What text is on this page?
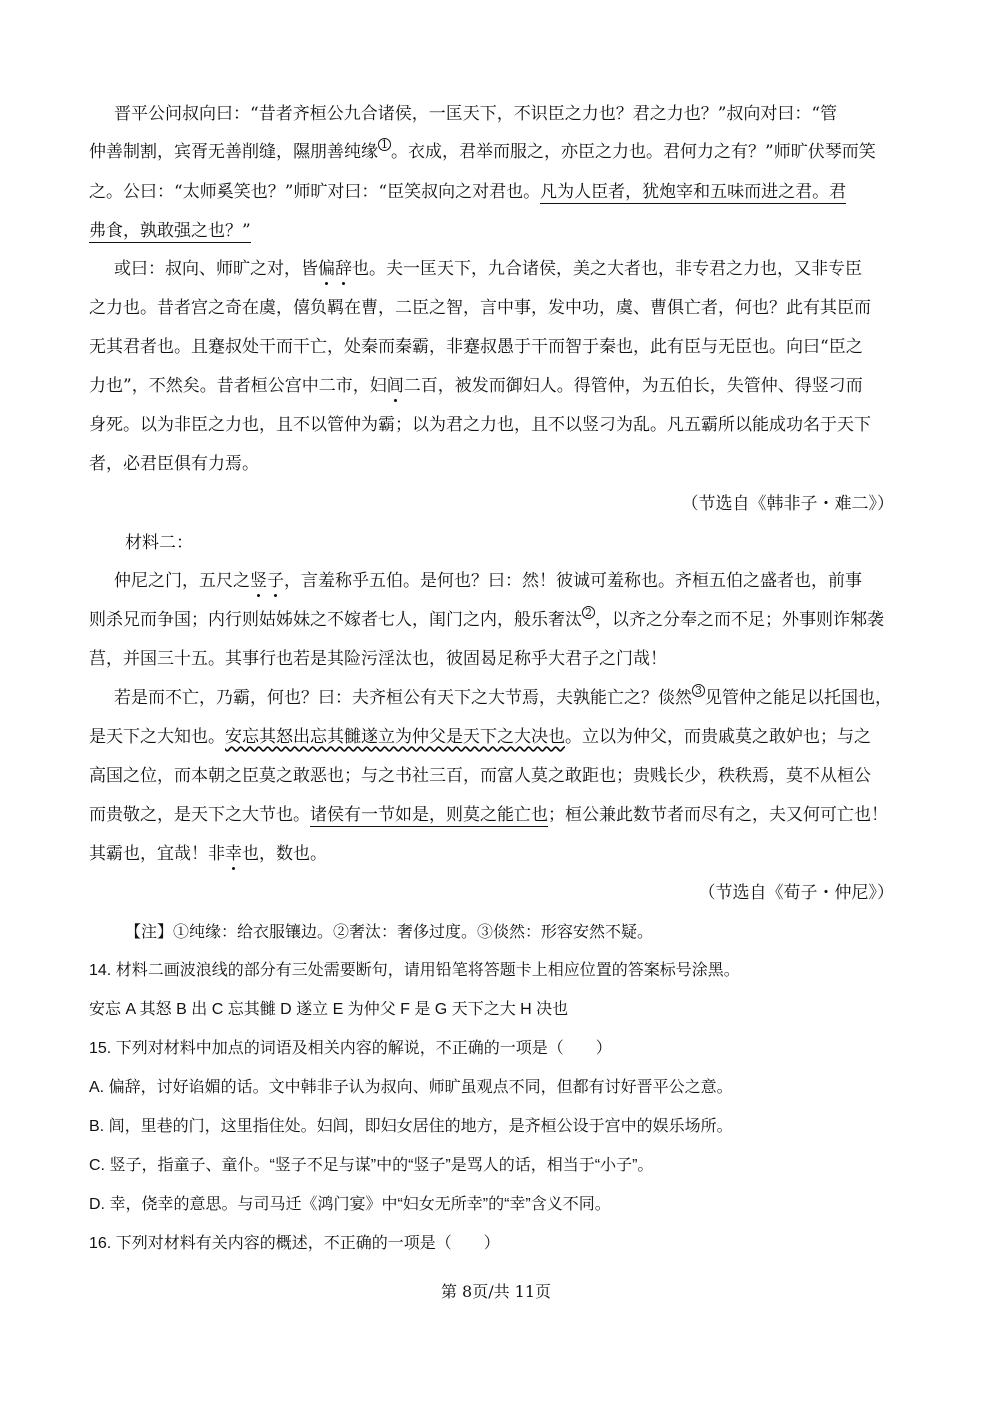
晋平公问叔向曰：“昔者齐桓公九合诸侯，一匡天下，不识臣之力也？君之力也？”叔向对曰：“管
仲善制割，宾胥无善削缝，隰朋善纯缘 1 。衣成，君举而服之，亦臣之力也。君何力之有？”师旷伏琴而笑
之。公曰：“太师奚笑也？”师旷对曰：“臣笑叔向之对君也。凡为人臣者，犹炮宰和五味而进之君。君
弗食，孰敢强之也？”
或曰：叔向、师旷之对，皆偏辞也。夫一匡天下，九合诸侯，美之大者也，非专君之力也，又非专臣
之力也。昔者宫之奇在虞，僖负羁在曹，二臣之智，言中事，发中功，虞、曹俱亡者，何也？此有其臣而
无其君者也。且蹇叔处干而干亡，处秦而秦霸，非蹇叔愚于干而智于秦也，此有臣与无臣也。向曰“臣之
力也”，不然矣。昔者桓公宫中二市，妇闾二百，被发而御妇人。得管仲，为五伯长，失管仲、得竖刁而
身死。以为非臣之力也，且不以管仲为霸；以为君之力也，且不以竖刁为乱。凡五霸所以能成功名于天下
者，必君臣俱有力焉。
（节选自《韩非子・难二》）
材料二：
仲尼之门，五尺之竖子，言羞称乎五伯。是何也？曰：然！彼诚可羞称也。齐桓五伯之盛者也，前事
则杀兄而争国；内行则姑姊妹之不嫁者七人，闺门之内，般乐奢汰 2 ，以齐之分奉之而不足；外事则诈邾袭
莒，并国三十五。其事行也若是其险污淫汰也，彼固曷足称乎大君子之门哉！
若是而不亡，乃霸，何也？曰：夫齐桓公有天下之大节焉，夫孰能亡之？倓然 3 见管仲之能足以托国也，
是天下之大知也。安忘其怒出忘其雠遂立为仲父是天下之大决也。立以为仲父，而贵戚莫之敢妒也；与之
高国之位，而本朝之臣莫之敢恶也；与之书社三百，而富人莫之敢距也；贵贱长少，秩秩焉，莫不从桓公
而贵敬之，是天下之大节也。诸侯有一节如是，则莫之能亡也；桓公兼此数节者而尽有之，夫又何可亡也！
其霸也，宜哉！非幸也，数也。
（节选自《荀子・仲尼》）
【注】①纯缘：给衣服镶边。②奢汰：奢侈过度。③倓然：形容安然不疑。
14. 材料二画波浪线的部分有三处需要断句，请用铅笔将答题卡上相应位置的答案标号涂黑。
安忘 A 其怒 B 出 C 忘其雠 D 遂立 E 为仲父 F 是 G 天下之大 H 决也
15. 下列对材料中加点的词语及相关内容的解说，不正确的一项是（　　）
A. 偏辞，讨好谄媚的话。文中韩非子认为叔向、师旷虽观点不同，但都有讨好晋平公之意。
B. 闾，里巷的门，这里指住处。妇闾，即妇女居住的地方，是齐桓公设于宫中的娱乐场所。
C. 竖子，指童子、童仆。“竖子不足与谋”中的“竖子”是骂人的话，相当于“小子”。
D. 幸，侥幸的意思。与司马迁《鸿门宴》中“妇女无所幸”的“幸”含义不同。
16. 下列对材料有关内容的概述，不正确的一项是（　　）
第 8页/共 11页
